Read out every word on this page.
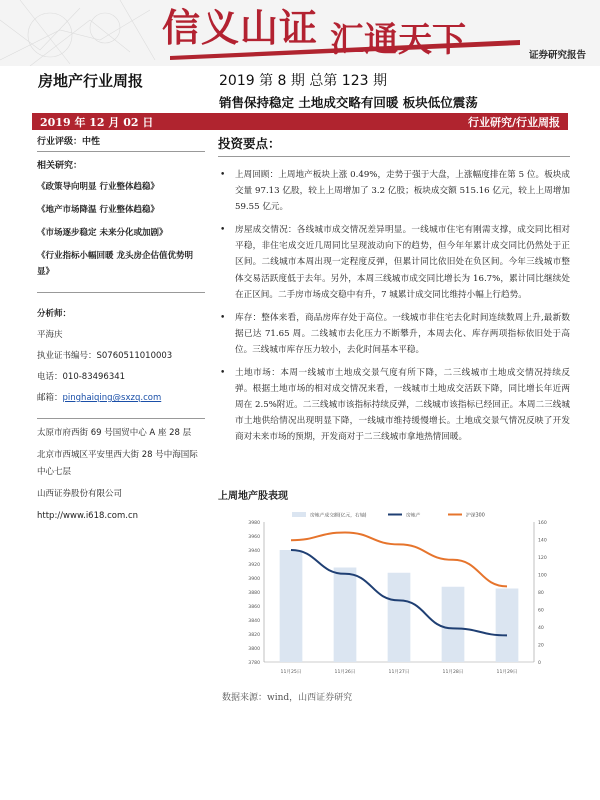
信义山证 汇通天下	证券研究报告
房地产行业周报	2019 第 8 期 总第 123 期
销售保持稳定 土地成交略有回暖 板块低位震荡
2019 年 12 月 02 日	行业研究/行业周报
行业评级：中性
相关研究：
《政策导向明显 行业整体趋稳》
《地产市场降温 行业整体趋稳》
《市场逐步稳定 未来分化或加剧》
《行业指标小幅回暖 龙头房企估值优势明显》
分析师：
平海庆
执业证书编号：S0760511010003
电话：010-83496341
邮箱：pinghaiqing@sxzq.com
太原市府西街 69 号国贸中心 A 座 28 层
北京市西城区平安里西大街 28 号中海国际中心七层
山西证券股份有限公司
http://www.i618.com.cn
投资要点：
• 上周回顾：上周地产板块上涨 0.49%，走势于强于大盘，上涨幅度排在第 5 位。板块成交量 97.13 亿股，较上上周增加了 3.2 亿股；板块成交额 515.16 亿元，较上上周增加 59.55 亿元。
• 房屋成交情况：各线城市成交情况差异明显。一线城市住宅有刚需支撑，成交同比相对平稳，非住宅成交近几周同比呈现波动向下的趋势，但今年年累计成交同比仍然处于正区间。二线城市本周出现一定程度反弹，但累计同比依旧处在负区间。今年三线城市整体交易活跃度低于去年。另外，本周三线城市成交同比增长为 16.7%，累计同比继续处在正区间。二手房市场成交稳中有升，7 城累计成交同比维持小幅上行趋势。
• 库存：整体来看，商品房库存处于高位。一线城市非住宅去化时间连续数周上升,最新数据已达 71.65 周。二线城市去化压力不断攀升，本周去化、库存两项指标依旧处于高位。三线城市库存压力较小，去化时间基本平稳。
• 土地市场：本周一线城市土地成交景气度有所下降，二三线城市土地成交情况持续反弹。根据土地市场的相对成交情况来看，一线城市土地成交活跃下降，同比增长年近两周在 2.5%附近。二三线城市该指标持续反弹，二线城市该指标已经回正。本周二三线城市土地供给情况出现明显下降，一线城市维持缓慢增长。土地成交景气情况反映了开发商对未来市场的预期，开发商对于二三线城市拿地热情回暖。
上周地产股表现
3780
3800
3820
3840
3860
3880
3900
3920
3940
3960
3980
0
20
40
60
80
100
120
140
160
11月25日	11月26日	11月27日	11月28日	11月29日
房地产成交额(亿元，右轴)	房地产	沪深300
数据来源：wind，山西证券研究
